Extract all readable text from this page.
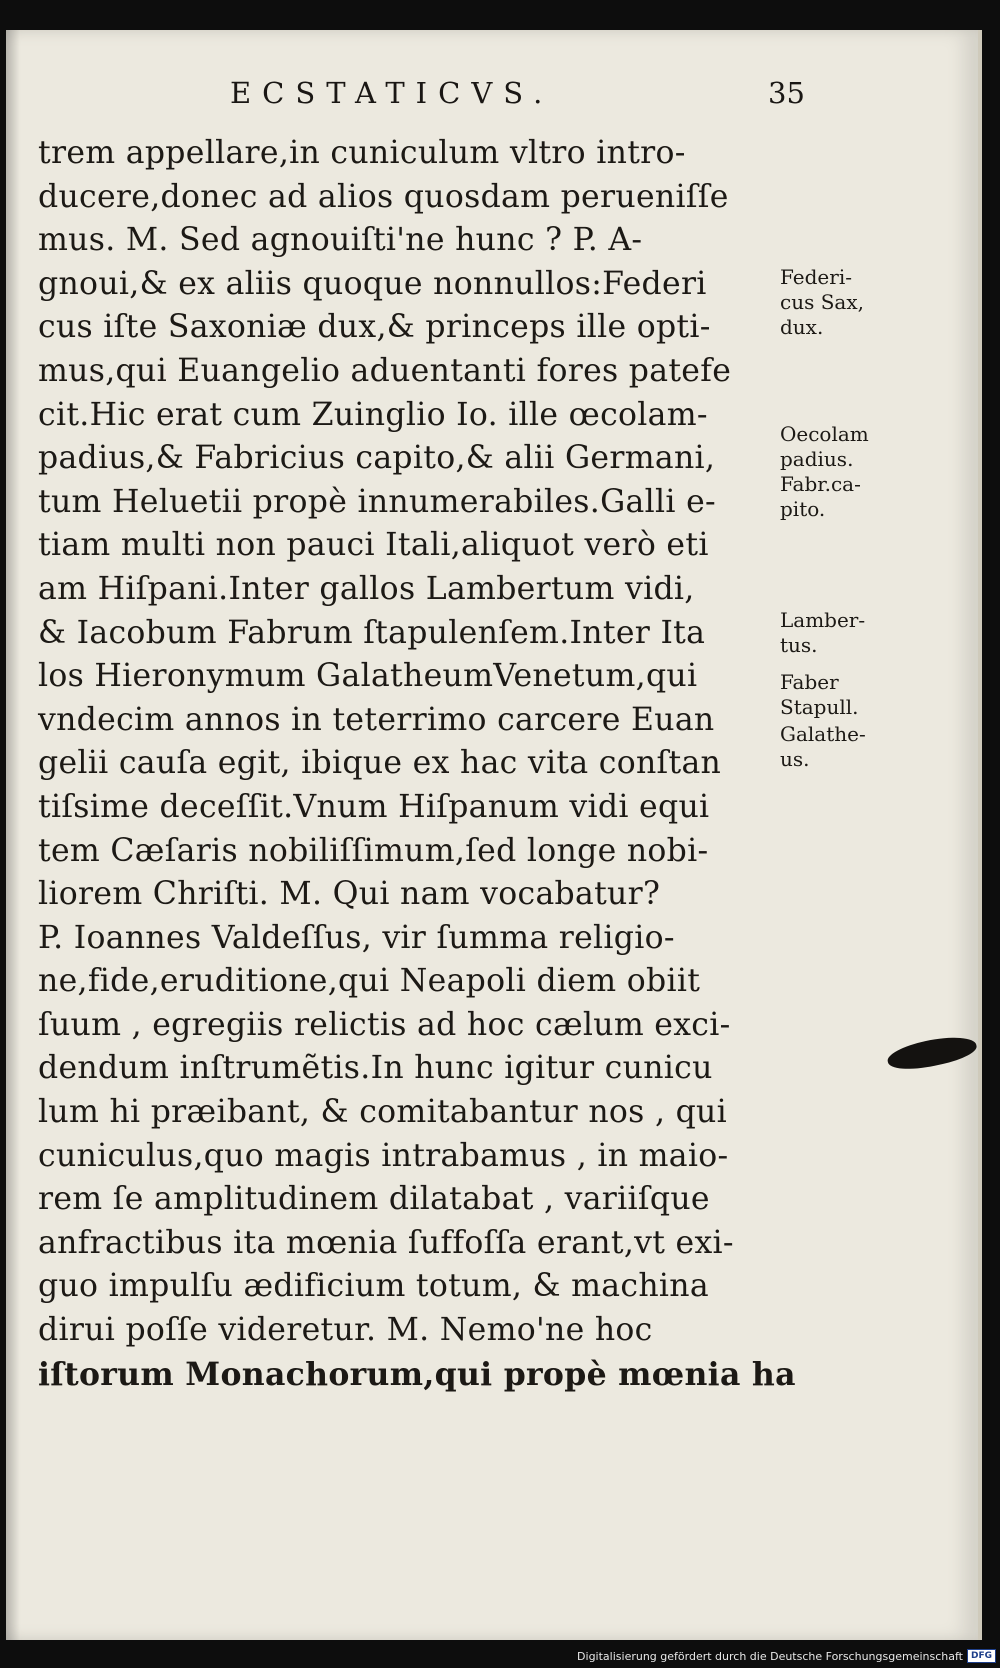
ECSTATICVS.	35
trem appellare,in cuniculum vltro intro-
ducere,donec ad alios quosdam perueniſſe
mus. M. Sed agnouiſti'ne hunc ? P. A-
gnoui,& ex aliis quoque nonnullos:Federi
cus iſte Saxoniæ dux,& princeps ille opti-
mus,qui Euangelio aduentanti fores patefe
cit.Hic erat cum Zuinglio Io. ille œcolam-
padius,& Fabricius capito,& alii Germani,
tum Heluetii propè innumerabiles.Galli e-
tiam multi non pauci Itali,aliquot verò eti
am Hiſpani.Inter gallos Lambertum vidi,
& Iacobum Fabrum ſtapulenſem.Inter Ita
los Hieronymum GalatheumVenetum,qui
vndecim annos in teterrimo carcere Euan
gelii cauſa egit, ibique ex hac vita conſtan
tiſsime deceſſit.Vnum Hiſpanum vidi equi
tem Cæſaris nobiliſſimum,ſed longe nobi-
liorem Chriſti. M. Qui nam vocabatur?
P. Ioannes Valdeſſus, vir ſumma religio-
ne,fide,eruditione,qui Neapoli diem obiit
ſuum , egregiis relictis ad hoc cælum exci-
dendum inſtrumẽtis.In hunc igitur cunicu
lum hi præibant, & comitabantur nos , qui
cuniculus,quo magis intrabamus , in maio-
rem ſe amplitudinem dilatabat , variiſque
anfractibus ita mœnia ſuffoſſa erant,vt exi-
guo impulſu ædificium totum, & machina
dirui poſſe videretur. M. Nemo'ne hoc
iſtorum Monachorum,qui propè mœnia ha
Federi-
cus Sax,
dux.
Oecolam
padius.
Fabr.ca-
pito.
Lamber-
tus.
Faber
Stapull.
Galathe-
us.
Digitalisierung gefördert durch die Deutsche Forschungsgemeinschaft DFG
